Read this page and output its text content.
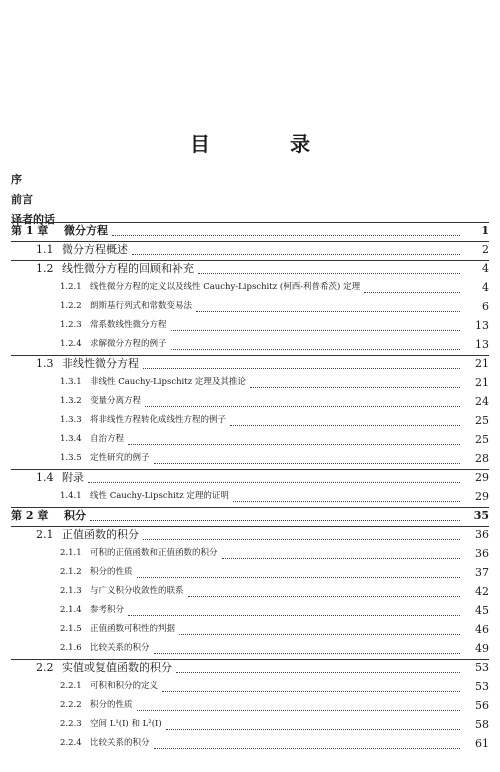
目　录
序
前言
译者的话
第 1 章	微分方程	1
1.1 微分方程概述	2
1.2 线性微分方程的回顾和补充	4
1.2.1 线性微分方程的定义以及线性 Cauchy-Lipschitz (柯西-利普希茨) 定理	4
1.2.2 朗斯基行列式和常数变易法	6
1.2.3 常系数线性微分方程	13
1.2.4 求解微分方程的例子	13
1.3 非线性微分方程	21
1.3.1 非线性 Cauchy-Lipschitz 定理及其推论	21
1.3.2 变量分离方程	24
1.3.3 将非线性方程转化成线性方程的例子	25
1.3.4 自治方程	25
1.3.5 定性研究的例子	28
1.4 附录	29
1.4.1 线性 Cauchy-Lipschitz 定理的证明	29
第 2 章	积分	35
2.1 正值函数的积分	36
2.1.1 可积的正值函数和正值函数的积分	36
2.1.2 积分的性质	37
2.1.3 与广义积分收敛性的联系	42
2.1.4 参考积分	45
2.1.5 正值函数可积性的判据	46
2.1.6 比较关系的积分	49
2.2 实值或复值函数的积分	53
2.2.1 可积和积分的定义	53
2.2.2 积分的性质	56
2.2.3 空间 L¹(I) 和 L²(I)	58
2.2.4 比较关系的积分	61
